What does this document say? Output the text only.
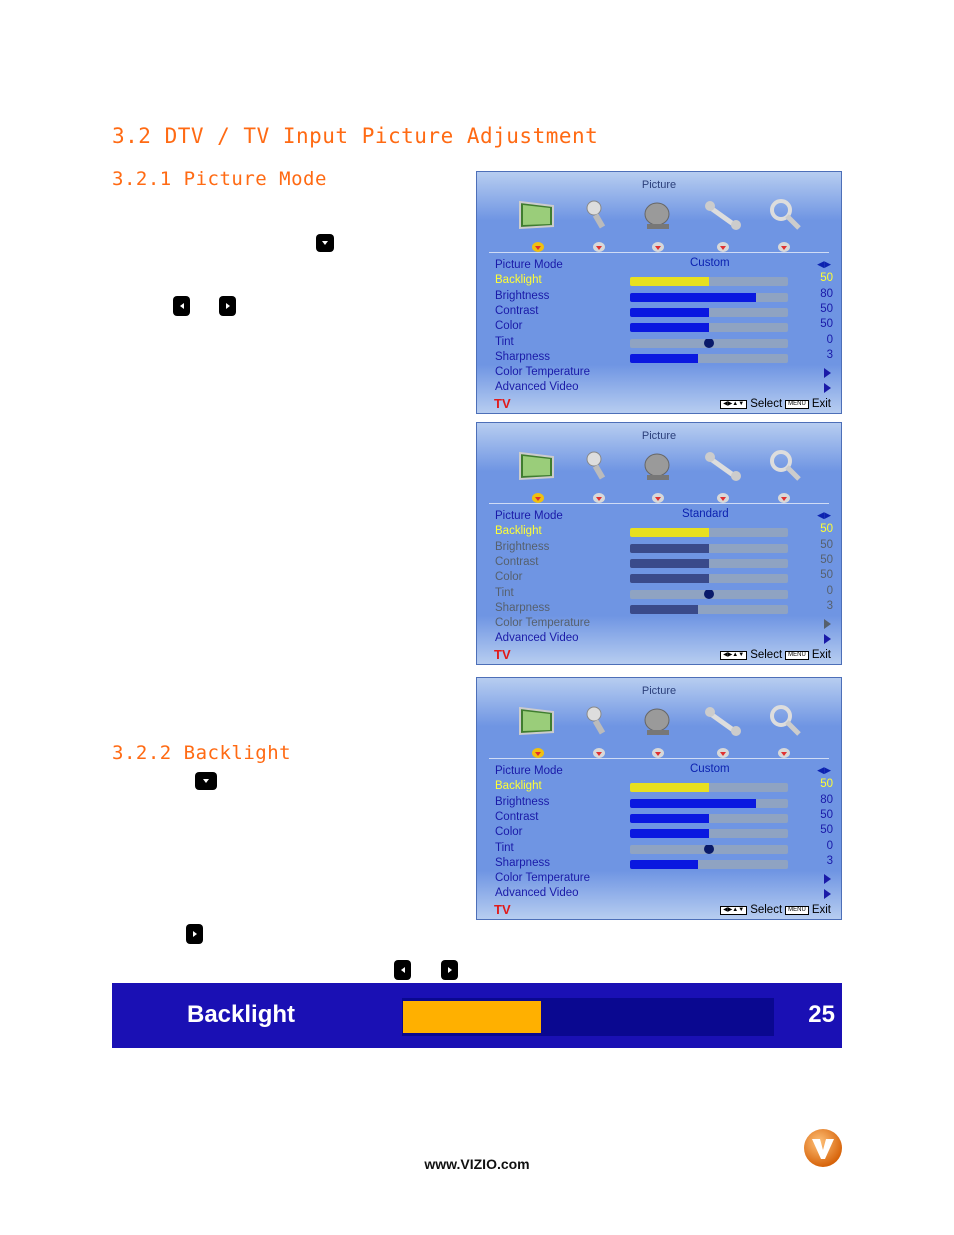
3.2 DTV / TV Input Picture Adjustment
3.2.1 Picture Mode
3.2.2 Backlight
Picture
Picture Mode	Custom	◀▶
Backlight	50
Brightness	80
Contrast	50
Color	50
Tint	0
Sharpness	3
Color Temperature
Advanced Video
TV	◀▶▲▼ Select	MENU Exit
Picture
Picture Mode	Standard	◀▶
Backlight	50
Brightness	50
Contrast	50
Color	50
Tint	0
Sharpness	3
Color Temperature
Advanced Video
TV	◀▶▲▼ Select	MENU Exit
Picture
Picture Mode	Custom	◀▶
Backlight	50
Brightness	80
Contrast	50
Color	50
Tint	0
Sharpness	3
Color Temperature
Advanced Video
TV	◀▶▲▼ Select	MENU Exit
Backlight	25
www.VIZIO.com
